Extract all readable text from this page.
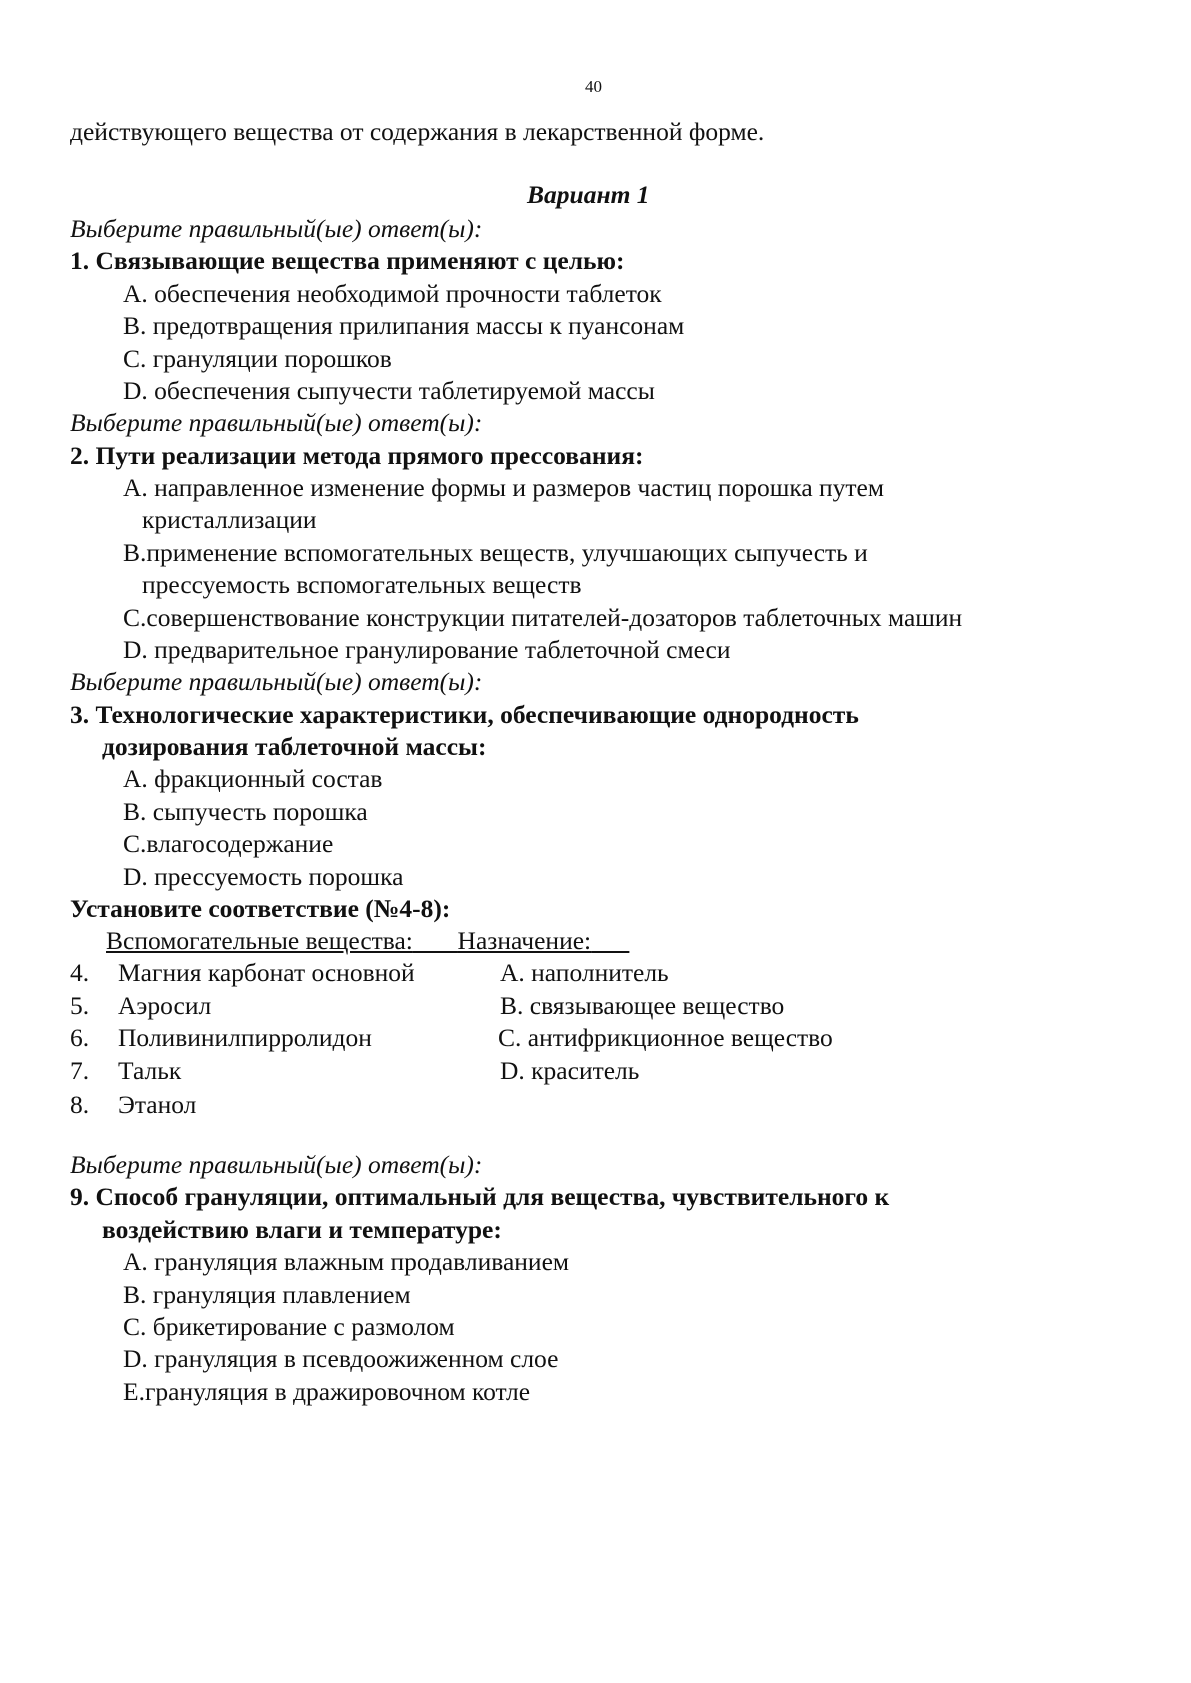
40
действующего вещества от содержания в лекарственной форме.
Вариант 1
Выберите правильный(ые) ответ(ы):
1. Связывающие вещества применяют с целью:
A. обеспечения необходимой прочности таблеток
B. предотвращения прилипания массы к пуансонам
C. грануляции порошков
D. обеспечения сыпучести таблетируемой массы
Выберите правильный(ые) ответ(ы):
2. Пути реализации метода прямого прессования:
A. направленное изменение формы и размеров частиц порошка путем
кристаллизации
B.применение вспомогательных веществ, улучшающих сыпучесть и
прессуемость вспомогательных веществ
C.совершенствование конструкции питателей-дозаторов таблеточных машин
D. предварительное гранулирование таблеточной смеси
Выберите правильный(ые) ответ(ы):
3. Технологические характеристики, обеспечивающие однородность
дозирования таблеточной массы:
A. фракционный состав
B. сыпучесть порошка
C.влагосодержание
D. прессуемость порошка
Установите соответствие (№4-8):
Вспомогательные вещества: Назначение:
4. Магния карбонат основной	A. наполнитель
5. Аэросил	B. связывающее вещество
6. Поливинилпирролидон	C. антифрикционное вещество
7. Тальк	D. краситель
8. Этанол
Выберите правильный(ые) ответ(ы):
9. Способ грануляции, оптимальный для вещества, чувствительного к
воздействию влаги и температуре:
A. грануляция влажным продавливанием
B. грануляция плавлением
C. брикетирование с размолом
D. грануляция в псевдоожиженном слое
E.грануляция в дражировочном котле
